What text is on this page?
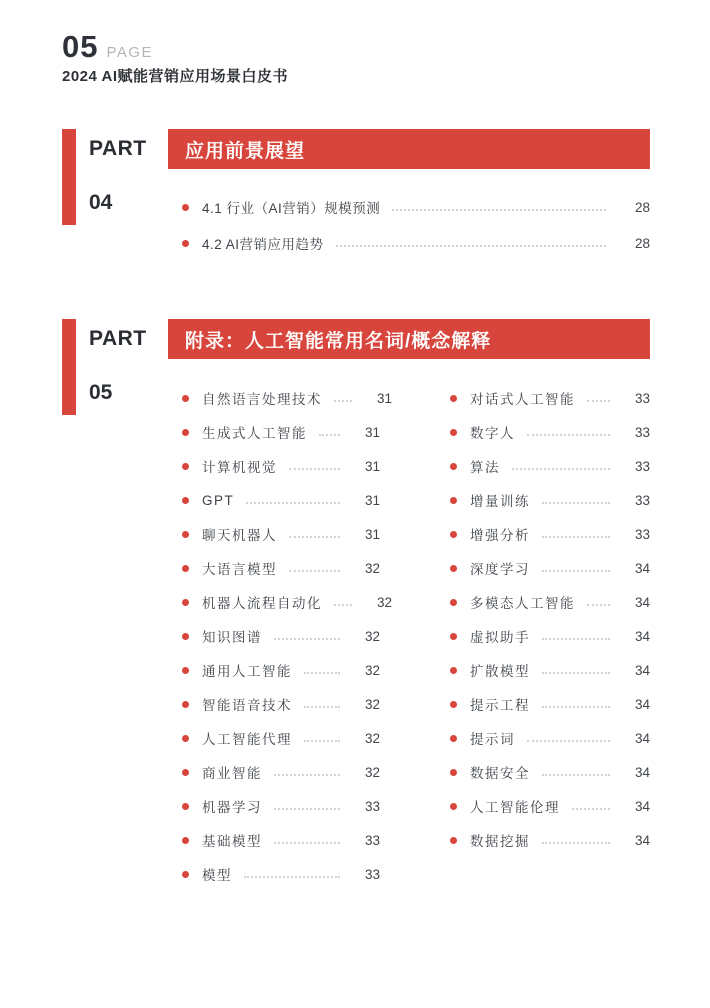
05 PAGE
2024 AI赋能营销应用场景白皮书
PART
04
应用前景展望
4.1 行业（AI营销）规模预测	28
4.2 AI营销应用趋势	28
PART
05
附录：人工智能常用名词/概念解释
自然语言处理技术	31
生成式人工智能	31
计算机视觉	31
GPT	31
聊天机器人	31
大语言模型	32
机器人流程自动化	32
知识图谱	32
通用人工智能	32
智能语音技术	32
人工智能代理	32
商业智能	32
机器学习	33
基础模型	33
模型	33
对话式人工智能	33
数字人	33
算法	33
增量训练	33
增强分析	33
深度学习	34
多模态人工智能	34
虚拟助手	34
扩散模型	34
提示工程	34
提示词	34
数据安全	34
人工智能伦理	34
数据挖掘	34
